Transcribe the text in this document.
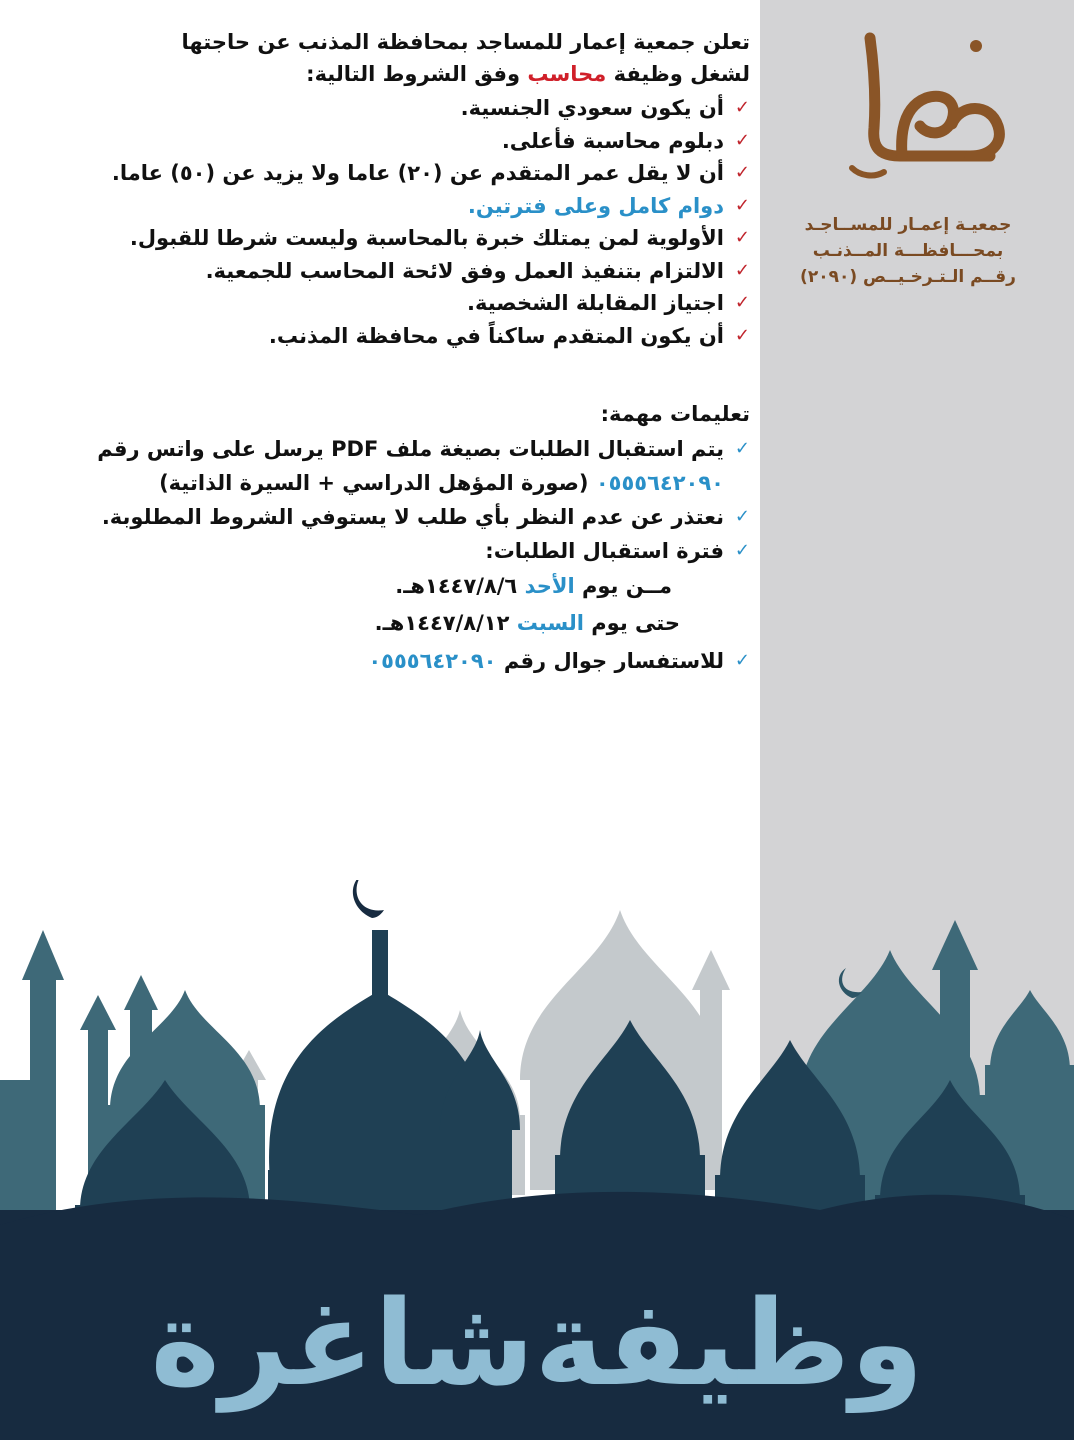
جمعيـة إعمـار للمســاجـد
بمحـــافظـــة المــذنـب
رقــم الـتـرخـيــص (٢٠٩٠)

تعلن جمعية إعمار للمساجد بمحافظة المذنب عن حاجتها

لشغل وظيفة محاسب وفق الشروط التالية:

✓
أن يكون سعودي الجنسية.
✓
دبلوم محاسبة فأعلى.
✓
أن لا يقل عمر المتقدم عن (٢٠) عاما ولا يزيد عن (٥٠) عاما.
✓
دوام كامل وعلى فترتين.
✓
الأولوية لمن يمتلك خبرة بالمحاسبة وليست شرطا للقبول.
✓
الالتزام بتنفيذ العمل وفق لائحة المحاسب للجمعية.
✓
اجتياز المقابلة الشخصية.
✓
أن يكون المتقدم ساكناً في محافظة المذنب.
تعليمات مهمة:
✓
يتم استقبال الطلبات بصيغة ملف PDF يرسل على واتس رقم ٠٥٥٥٦٤٢٠٩٠ (صورة المؤهل الدراسي + السيرة الذاتية)
✓
نعتذر عن عدم النظر بأي طلب لا يستوفي الشروط المطلوبة.
✓
فترة استقبال الطلبات:
مــن يوم الأحد ١٤٤٧/٨/٦هـ.
حتى يوم السبت ١٤٤٧/٨/١٢هـ.
✓
للاستفسار جوال رقم ٠٥٥٥٦٤٢٠٩٠
وظيفةشاغرة
